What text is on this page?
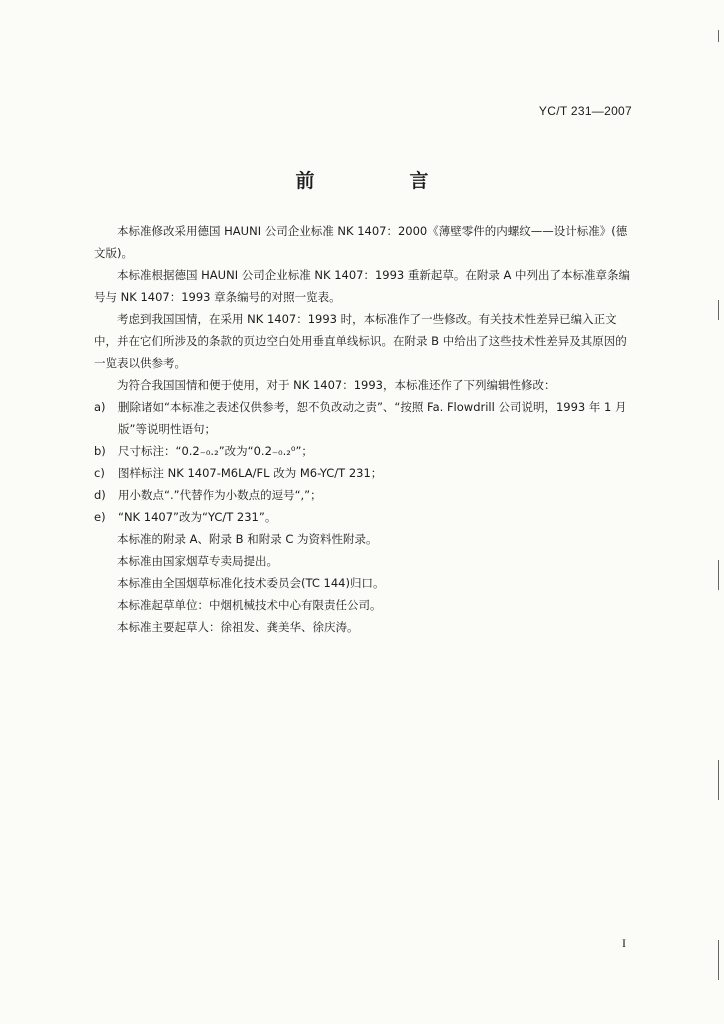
YC/T 231—2007
前　言

本标准修改采用德国 HAUNI 公司企业标准 NK 1407：2000《薄壁零件的内螺纹——设计标准》(德文版)。

本标准根据德国 HAUNI 公司企业标准 NK 1407：1993 重新起草。在附录 A 中列出了本标准章条编号与 NK 1407：1993 章条编号的对照一览表。

考虑到我国国情，在采用 NK 1407：1993 时，本标准作了一些修改。有关技术性差异已编入正文中，并在它们所涉及的条款的页边空白处用垂直单线标识。在附录 B 中给出了这些技术性差异及其原因的一览表以供参考。

为符合我国国情和便于使用，对于 NK 1407：1993，本标准还作了下列编辑性修改：

a)	删除诸如“本标准之表述仅供参考，恕不负改动之责”、“按照 Fa. Flowdrill 公司说明，1993 年 1 月版”等说明性语句；
b)	尺寸标注：“0.2₋₀.₂”改为“0.2₋₀.₂⁰”；
c)	图样标注 NK 1407-M6LA/FL 改为 M6-YC/T 231；
d)	用小数点“.”代替作为小数点的逗号“,”；
e)	“NK 1407”改为“YC/T 231”。

本标准的附录 A、附录 B 和附录 C 为资料性附录。

本标准由国家烟草专卖局提出。

本标准由全国烟草标准化技术委员会(TC 144)归口。

本标准起草单位：中烟机械技术中心有限责任公司。

本标准主要起草人：徐祖发、龚美华、徐庆涛。

I
